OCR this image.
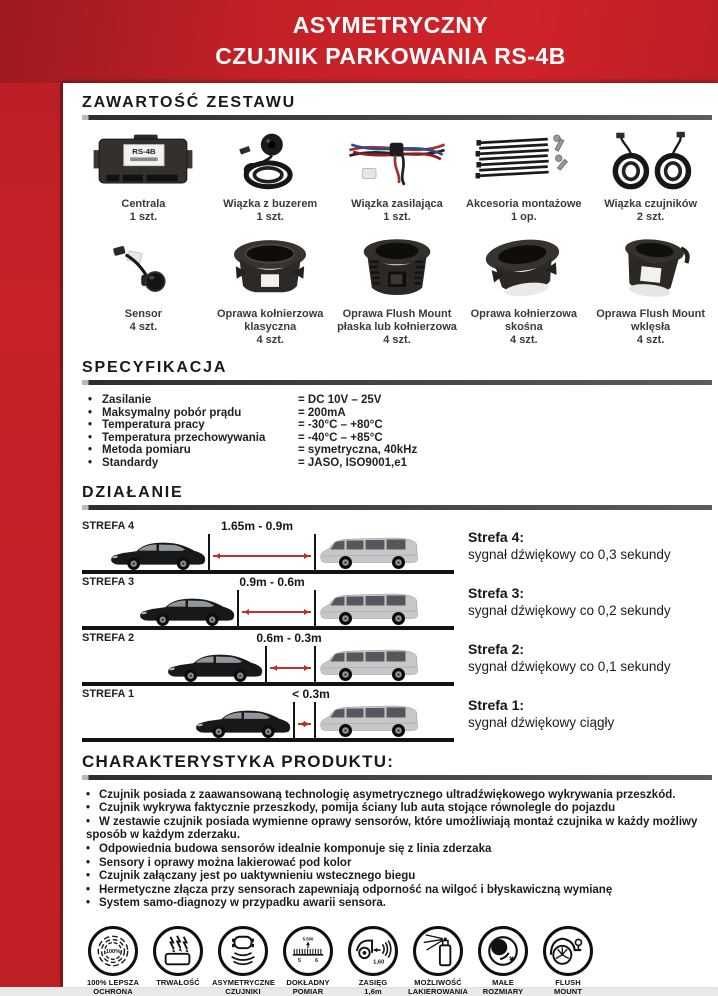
ASYMETRYCZNY
CZUJNIK PARKOWANIA RS-4B
ZAWARTOŚĆ ZESTAWU
RS-4B
Centrala
1 szt.
Wiązka z buzerem
1 szt.
Wiązka zasilająca
1 szt.
Akcesoria montażowe
1 op.
Wiązka czujników
2 szt.
Sensor
4 szt.
Oprawa kołnierzowa klasyczna
4 szt.
Oprawa Flush Mount płaska lub kołnierzowa
4 szt.
Oprawa kołnierzowa skośna
4 szt.
Oprawa Flush Mount wklęsła
4 szt.
SPECYFIKACJA
• Zasilanie	= DC 10V – 25V
• Maksymalny pobór prądu	= 200mA
• Temperatura pracy	= -30°C – +80°C
• Temperatura przechowywania	= -40°C – +85°C
• Metoda pomiaru	= symetryczna, 40kHz
• Standardy	= JASO, ISO9001,e1
DZIAŁANIE
STREFA 4	1.65m - 0.9m
Strefa 4:
sygnał dźwiękowy co 0,3 sekundy
STREFA 3	0.9m - 0.6m
Strefa 3:
sygnał dźwiękowy co 0,2 sekundy
STREFA 2	0.6m - 0.3m
Strefa 2:
sygnał dźwiękowy co 0,1 sekundy
STREFA 1	< 0.3m
Strefa 1:
sygnał dźwiękowy ciągły
CHARAKTERYSTYKA PRODUKTU:
• Czujnik posiada z zaawansowaną technologię asymetrycznego ultradźwiękowego wykrywania przeszkód.
• Czujnik wykrywa faktycznie przeszkody, pomija ściany lub auta stojące równolegle do pojazdu
• W zestawie czujnik posiada wymienne oprawy sensorów, które umożliwiają montaż czujnika w każdy możliwy sposób w każdym zderzaku.
• Odpowiednia budowa sensorów idealnie komponuje się z linia zderzaka
• Sensory i oprawy można lakierować pod kolor
• Czujnik załączany jest po uaktywnieniu wstecznego biegu
• Hermetyczne złącza przy sensorach zapewniają odporność na wilgoć i błyskawiczną wymianę
• System samo-diagnozy w przypadku awarii sensora.
100%
100% LEPSZA
OCHRONA
TRWAŁOŚĆ	ASYMETRYCZNE
CZUJNIKI
5.500
5	6
DOKŁADNY
POMIAR
1,60
ZASIĘG
1,6m
MOŻLIWOŚĆ
LAKIEROWANIA
MAŁE
ROZMIARY
FLUSH
MOUNT
